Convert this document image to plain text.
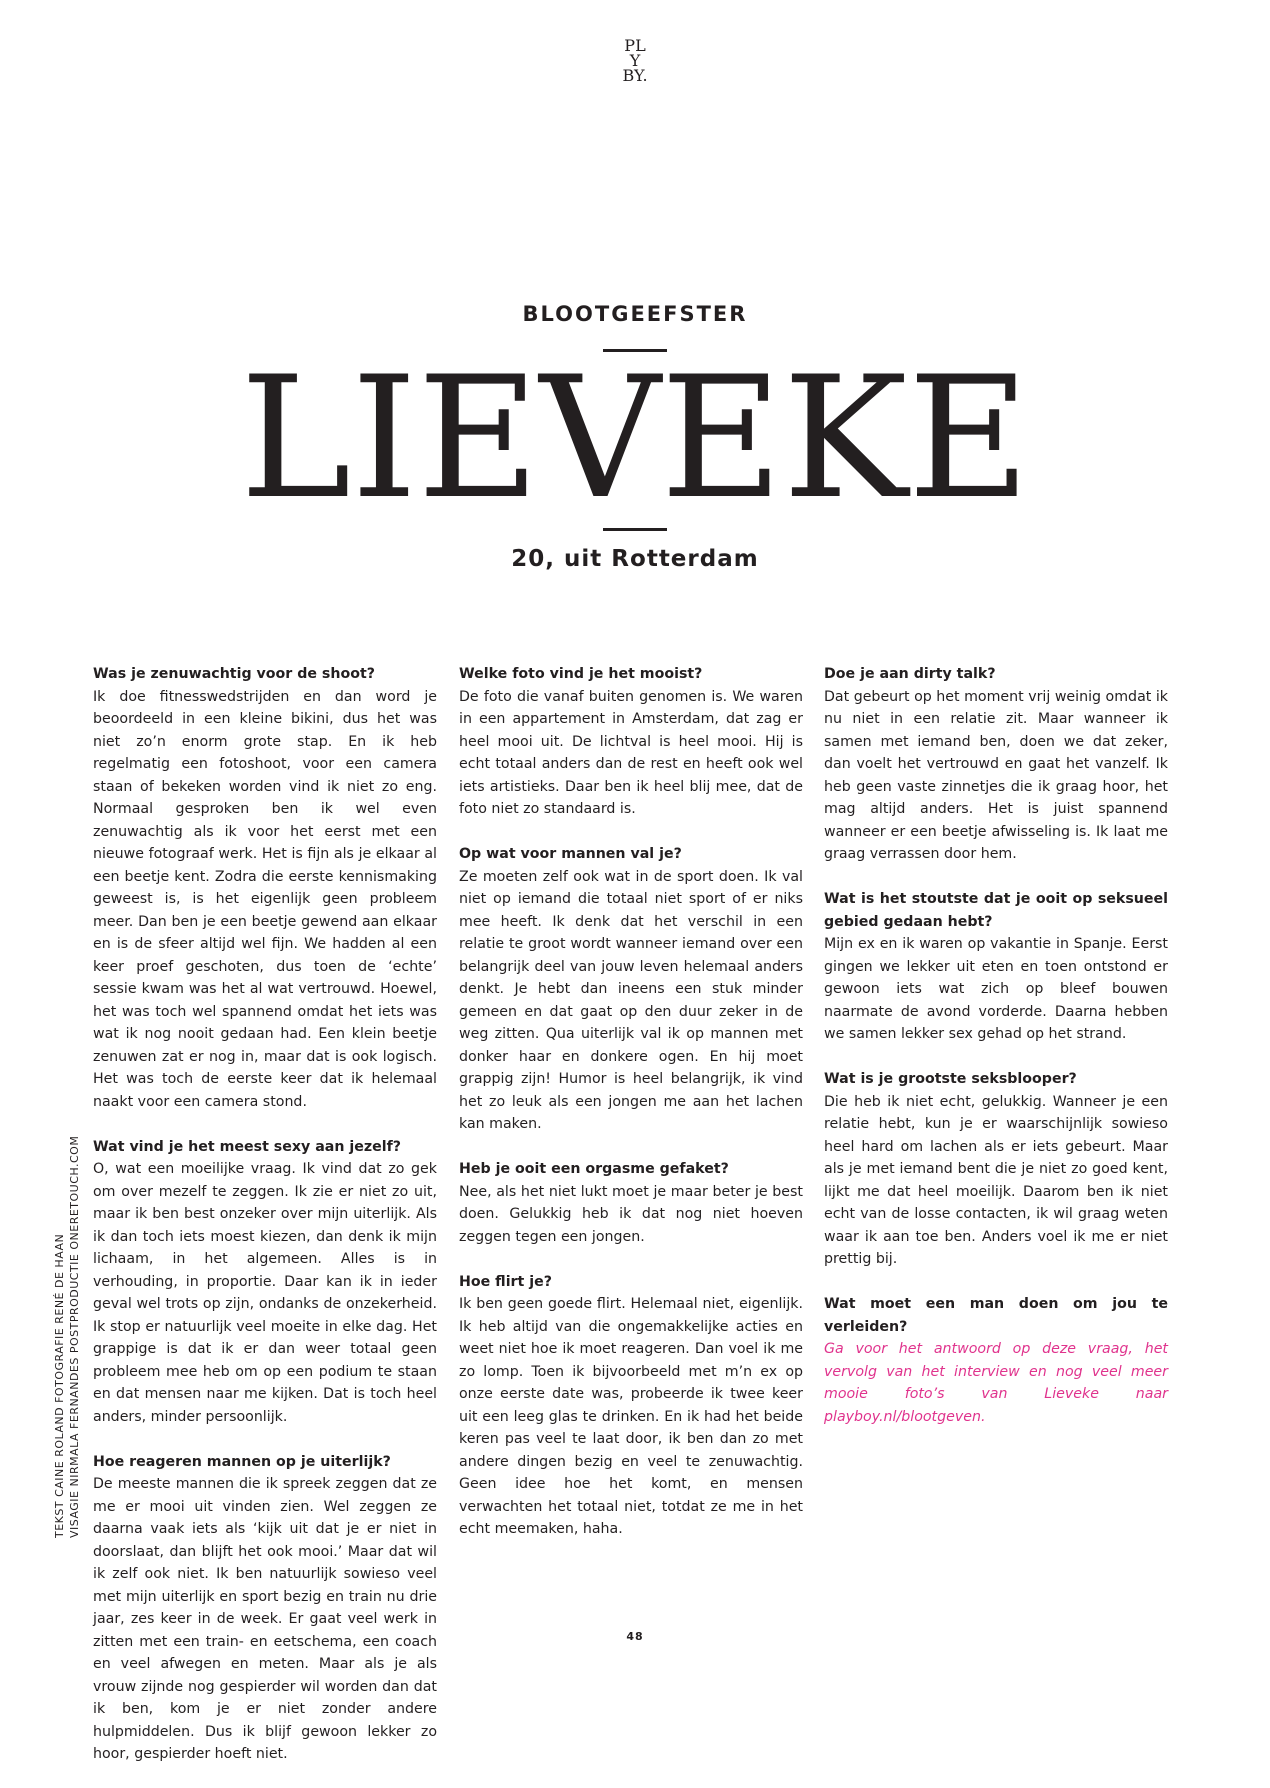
PL
Y
BY.
BLOOTGEEFSTER
LIEVEKE
20, uit Rotterdam

Was je zenuwachtig voor de shoot?
Ik doe fitnesswedstrijden en dan word je beoordeeld in een kleine bikini, dus het was niet zo’n enorm grote stap. En ik heb regelmatig een fotoshoot, voor een camera staan of bekeken worden vind ik niet zo eng. Normaal gesproken ben ik wel even zenuwachtig als ik voor het eerst met een nieuwe fotograaf werk. Het is fijn als je elkaar al een beetje kent. Zodra die eerste kennismaking geweest is, is het eigenlijk geen probleem meer. Dan ben je een beetje gewend aan elkaar en is de sfeer altijd wel fijn. We hadden al een keer proef geschoten, dus toen de ‘echte’ sessie kwam was het al wat vertrouwd. Hoewel, het was toch wel spannend omdat het iets was wat ik nog nooit gedaan had. Een klein beetje zenuwen zat er nog in, maar dat is ook logisch. Het was toch de eerste keer dat ik helemaal naakt voor een camera stond.

Wat vind je het meest sexy aan jezelf?
O, wat een moeilijke vraag. Ik vind dat zo gek om over mezelf te zeggen. Ik zie er niet zo uit, maar ik ben best onzeker over mijn uiterlijk. Als ik dan toch iets moest kiezen, dan denk ik mijn lichaam, in het algemeen. Alles is in verhouding, in proportie. Daar kan ik in ieder geval wel trots op zijn, ondanks de onzekerheid. Ik stop er natuurlijk veel moeite in elke dag. Het grappige is dat ik er dan weer totaal geen probleem mee heb om op een podium te staan en dat mensen naar me kijken. Dat is toch heel anders, minder persoonlijk.

Hoe reageren mannen op je uiterlijk?
De meeste mannen die ik spreek zeggen dat ze me er mooi uit vinden zien. Wel zeggen ze daarna vaak iets als ‘kijk uit dat je er niet in doorslaat, dan blijft het ook mooi.’ Maar dat wil ik zelf ook niet. Ik ben natuurlijk sowieso veel met mijn uiterlijk en sport bezig en train nu drie jaar, zes keer in de week. Er gaat veel werk in zitten met een train- en eetschema, een coach en veel afwegen en meten. Maar als je als vrouw zijnde nog gespierder wil worden dan dat ik ben, kom je er niet zonder andere hulpmiddelen. Dus ik blijf gewoon lekker zo hoor, gespierder hoeft niet.

Welke foto vind je het mooist?
De foto die vanaf buiten genomen is. We waren in een appartement in Amsterdam, dat zag er heel mooi uit. De lichtval is heel mooi. Hij is echt totaal anders dan de rest en heeft ook wel iets artistieks. Daar ben ik heel blij mee, dat de foto niet zo standaard is.

Op wat voor mannen val je?
Ze moeten zelf ook wat in de sport doen. Ik val niet op iemand die totaal niet sport of er niks mee heeft. Ik denk dat het verschil in een relatie te groot wordt wanneer iemand over een belangrijk deel van jouw leven helemaal anders denkt. Je hebt dan ineens een stuk minder gemeen en dat gaat op den duur zeker in de weg zitten. Qua uiterlijk val ik op mannen met donker haar en donkere ogen. En hij moet grappig zijn! Humor is heel belangrijk, ik vind het zo leuk als een jongen me aan het lachen kan maken.

Heb je ooit een orgasme gefaket?
Nee, als het niet lukt moet je maar beter je best doen. Gelukkig heb ik dat nog niet hoeven zeggen tegen een jongen.

Hoe flirt je?
Ik ben geen goede flirt. Helemaal niet, eigenlijk. Ik heb altijd van die ongemakkelijke acties en weet niet hoe ik moet reageren. Dan voel ik me zo lomp. Toen ik bijvoorbeeld met m’n ex op onze eerste date was, probeerde ik twee keer uit een leeg glas te drinken. En ik had het beide keren pas veel te laat door, ik ben dan zo met andere dingen bezig en veel te zenuwachtig. Geen idee hoe het komt, en mensen verwachten het totaal niet, totdat ze me in het echt meemaken, haha.

Doe je aan dirty talk?
Dat gebeurt op het moment vrij weinig omdat ik nu niet in een relatie zit. Maar wanneer ik samen met iemand ben, doen we dat zeker, dan voelt het vertrouwd en gaat het vanzelf. Ik heb geen vaste zinnetjes die ik graag hoor, het mag altijd anders. Het is juist spannend wanneer er een beetje afwisseling is. Ik laat me graag verrassen door hem.

Wat is het stoutste dat je ooit op seksueel gebied gedaan hebt?
Mijn ex en ik waren op vakantie in Spanje. Eerst gingen we lekker uit eten en toen ontstond er gewoon iets wat zich op bleef bouwen naarmate de avond vorderde. Daarna hebben we samen lekker sex gehad op het strand.

Wat is je grootste seksblooper?
Die heb ik niet echt, gelukkig. Wanneer je een relatie hebt, kun je er waarschijnlijk sowieso heel hard om lachen als er iets gebeurt. Maar als je met iemand bent die je niet zo goed kent, lijkt me dat heel moeilijk. Daarom ben ik niet echt van de losse contacten, ik wil graag weten waar ik aan toe ben. Anders voel ik me er niet prettig bij.

Wat moet een man doen om jou te verleiden?
Ga voor het antwoord op deze vraag, het vervolg van het interview en nog veel meer mooie foto’s van Lieveke naar playboy.nl/blootgeven.

TEKST CAINE ROLAND FOTOGRAFIE RENÉ DE HAAN VISAGIE NIRMALA FERNANDES POSTPRODUCTIE ONERETOUCH.COM
48
